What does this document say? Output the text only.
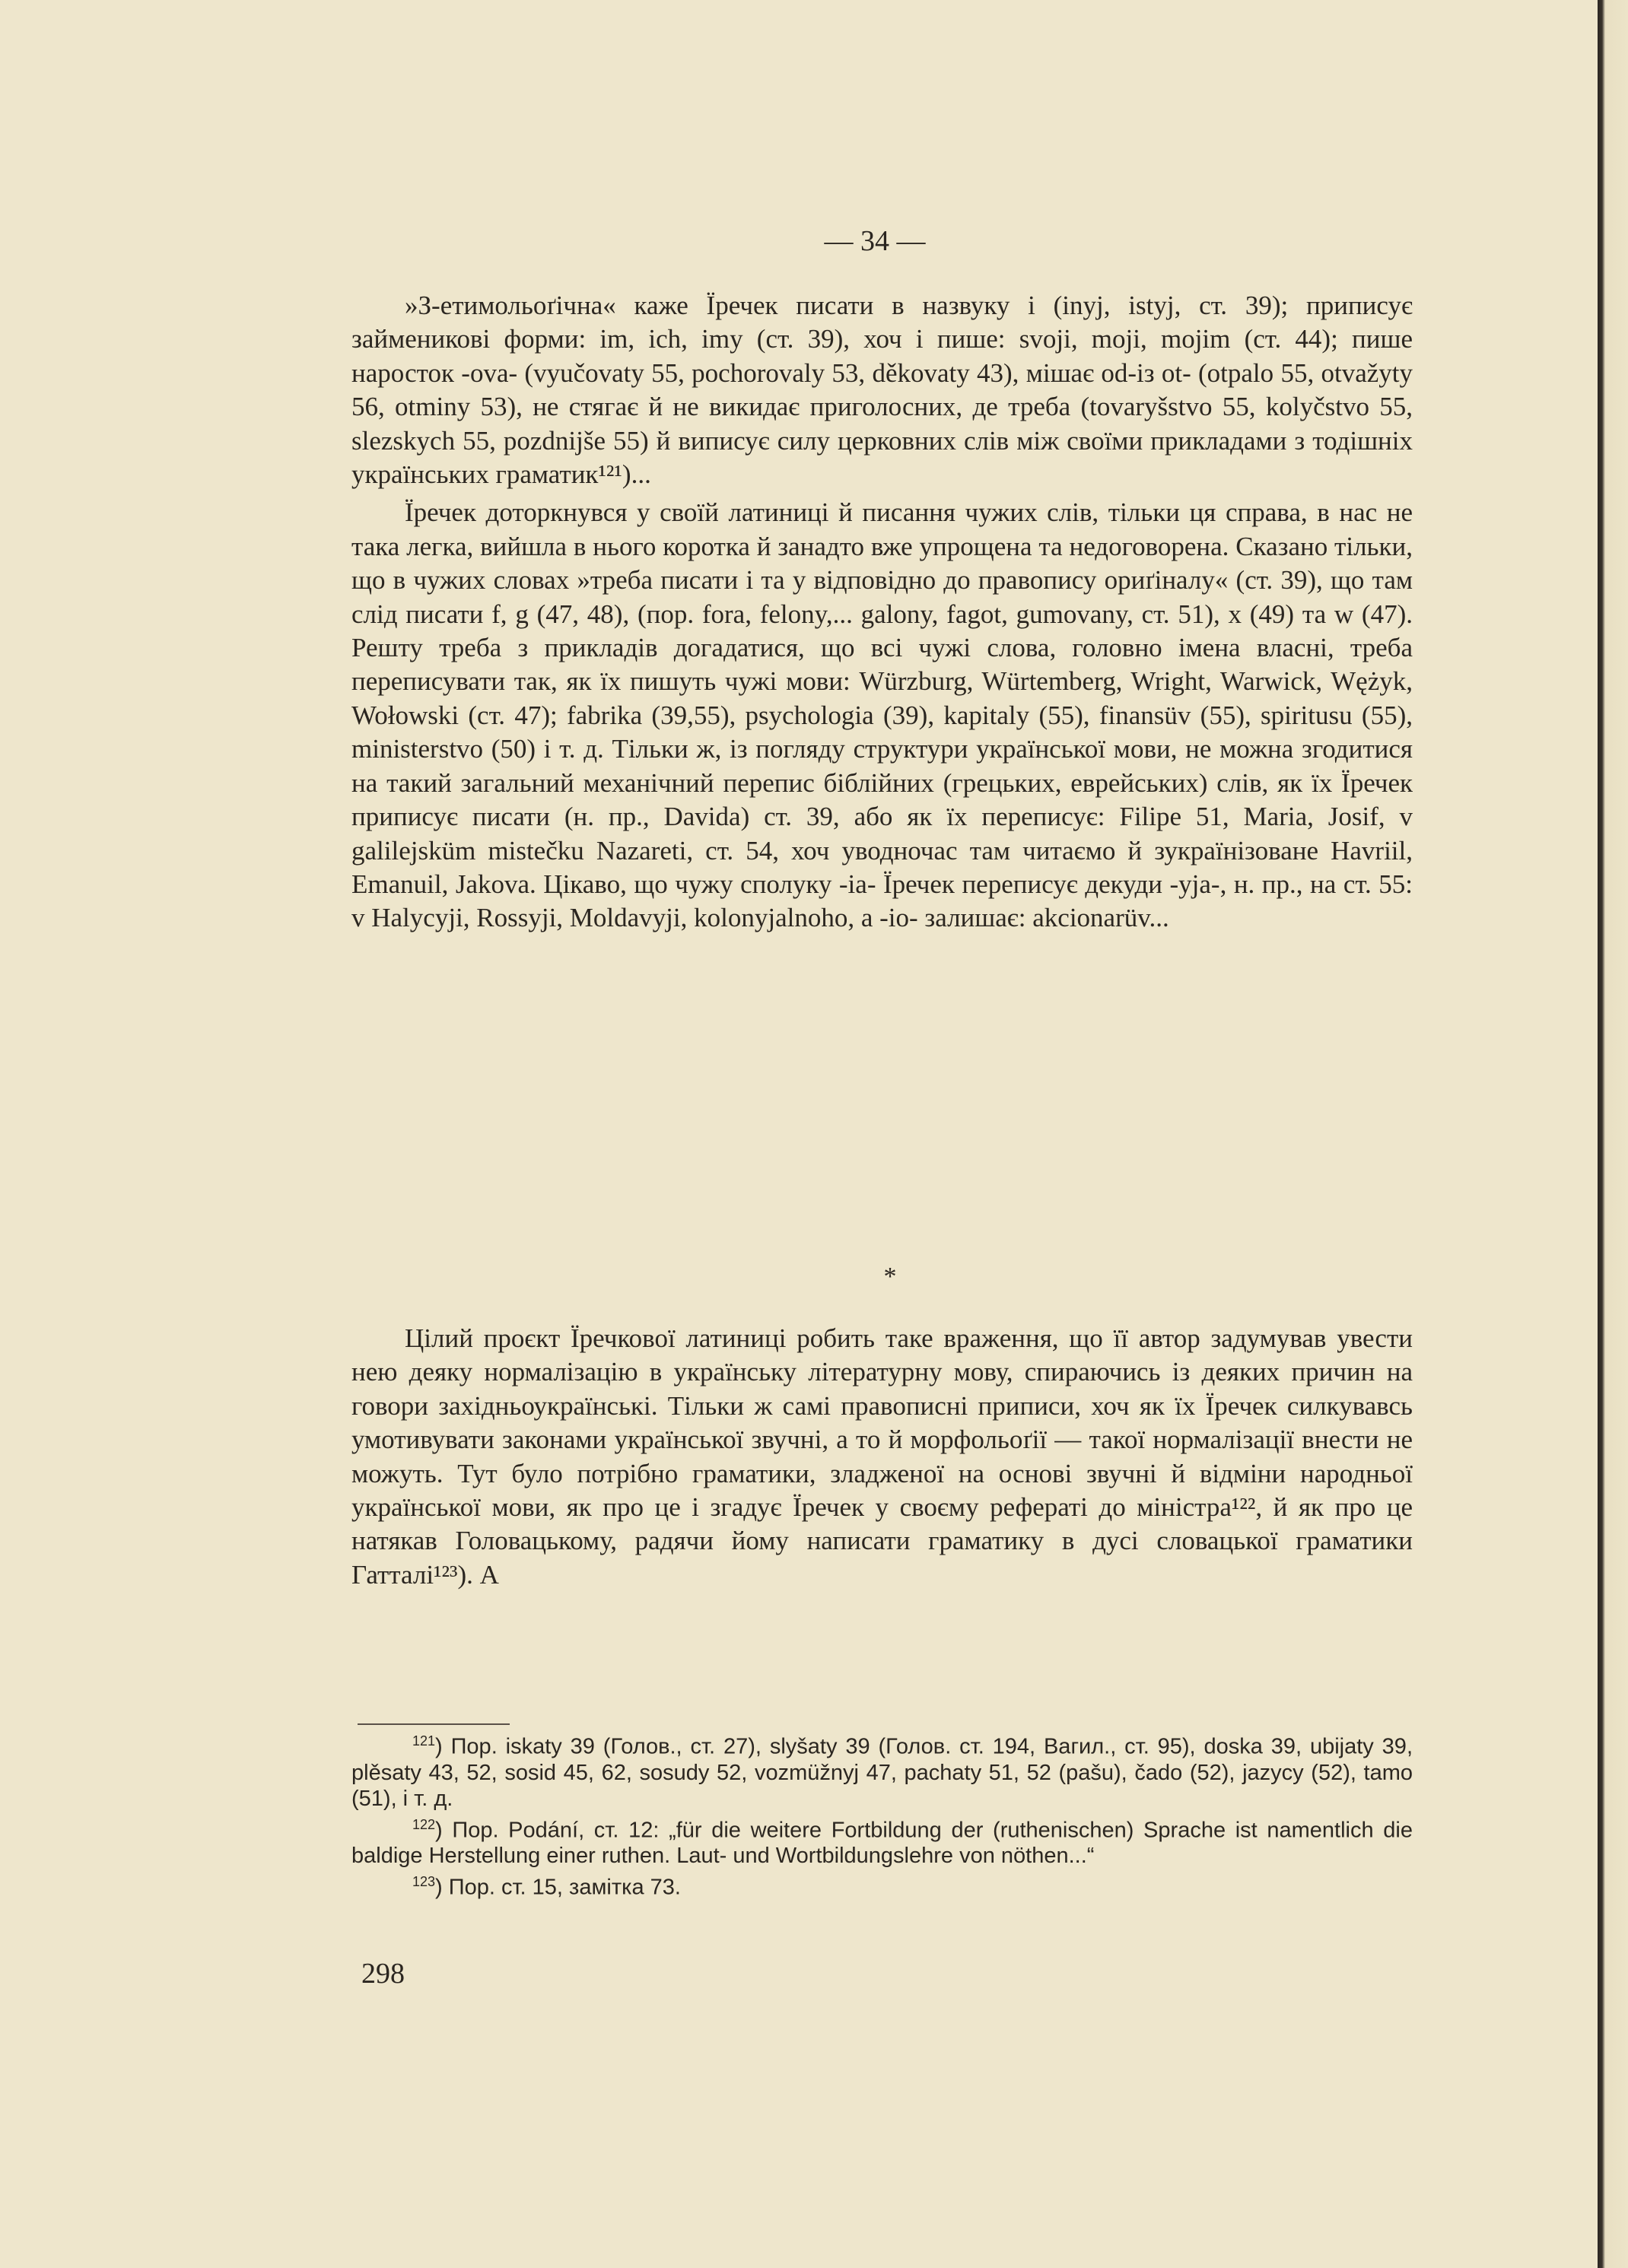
— 34 —

»З-етимольоґічна« каже Їречек писати в назвуку і (inyj, istyj, ст. 39); приписує займеникові форми: im, ich, imy (ст. 39), хоч і пише: svoji, moji, mojim (ст. 44); пише наросток -ova- (vyučovaty 55, pochorovaly 53, děkovaty 43), мішає od-із ot- (otpalo 55, otvažyty 56, otminy 53), не стягає й не викидає приголосних, де треба (tovaryšstvo 55, kolyčstvo 55, slezskych 55, pozdnijše 55) й виписує силу церковних слів між своїми прикладами з тодішніх українських граматик¹²¹)...

Їречек доторкнувся у своїй латиниці й писання чужих слів, тільки ця справа, в нас не така легка, вийшла в нього коротка й занадто вже упрощена та недоговорена. Сказано тільки, що в чужих словах »треба писати і та у відповідно до правопису ориґіналу« (ст. 39), що там слід писати f, g (47, 48), (пор. fora, felony,... galony, fagot, gumovany, ст. 51), x (49) та w (47). Решту треба з прикладів догадатися, що всі чужі слова, головно імена власні, треба переписувати так, як їх пишуть чужі мови: Würzburg, Würtemberg, Wright, Warwick, Wężyk, Wołowski (ст. 47); fabrika (39,55), psychologia (39), kapitaly (55), finansüv (55), spiritusu (55), ministerstvo (50) і т. д. Тільки ж, із погляду структури української мови, не можна згодитися на такий загальний механічний перепис біблійних (грецьких, еврейських) слів, як їх Їречек приписує писати (н. пр., Davida) ст. 39, або як їх переписує: Filipe 51, Maria, Josif, v galilejsküm mistečku Nazareti, ст. 54, хоч уводночас там читаємо й зукраїнізоване Havriil, Emanuil, Jakova. Цікаво, що чужу сполуку -ia- Їречек переписує декуди -yja-, н. пр., на ст. 55: v Halycyji, Rossyji, Moldavyji, kolonyjalnoho, а -io- залишає: akcionarüv...

*

Цілий проєкт Їречкової латиниці робить таке враження, що її автор задумував увести нею деяку нормалізацію в українську літературну мову, спираючись із деяких причин на говори західньоукраїнські. Тільки ж самі правописні приписи, хоч як їх Їречек силкувавсь умотивувати законами української звучні, а то й морфольоґії — такої нормалізації внести не можуть. Тут було потрібно граматики, зладженої на основі звучні й відміни народньої української мови, як про це і згадує Їречек у своєму рефераті до міністра¹²², й як про це натякав Головацькому, радячи йому написати граматику в дусі словацької граматики Гатталі¹²³). А

$^{121}$) Пор. iskaty 39 (Голов., ст. 27), slyšaty 39 (Голов. ст. 194, Вагил., ст. 95), doska 39, ubijaty 39, plěsaty 43, 52, sosid 45, 62, sosudy 52, vozmüžnyj 47, pachaty 51, 52 (pašu), čado (52), jazycy (52), tamo (51), і т. д.

$^{122}$) Пор. Podání, ст. 12: „für die weitere Fortbildung der (ruthenischen) Sprache ist namentlich die baldige Herstellung einer ruthen. Laut- und Wortbildungslehre von nöthen...“

$^{123}$) Пор. ст. 15, замітка 73.

298
